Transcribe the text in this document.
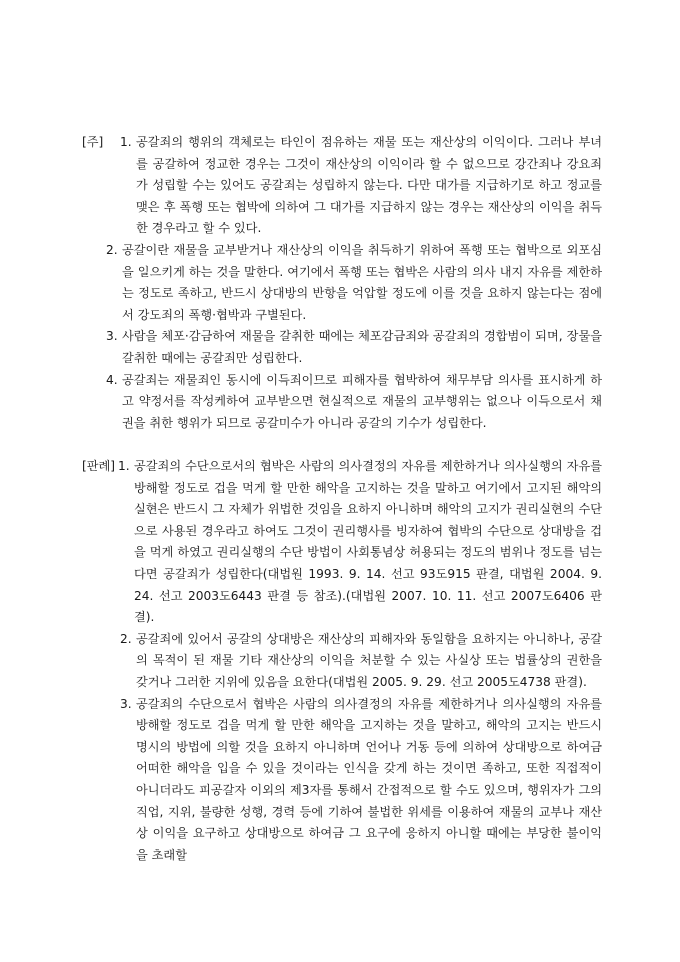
[주]	1. 공갈죄의 행위의 객체로는 타인이 점유하는 재물 또는 재산상의 이익이다. 그러나 부녀를 공갈하여 정교한 경우는 그것이 재산상의 이익이라 할 수 없으므로 강간죄나 강요죄가 성립할 수는 있어도 공갈죄는 성립하지 않는다. 다만 대가를 지급하기로 하고 정교를 맺은 후 폭행 또는 협박에 의하여 그 대가를 지급하지 않는 경우는 재산상의 이익을 취득한 경우라고 할 수 있다.
2. 공갈이란 재물을 교부받거나 재산상의 이익을 취득하기 위하여 폭행 또는 협박으로 외포심을 일으키게 하는 것을 말한다. 여기에서 폭행 또는 협박은 사람의 의사 내지 자유를 제한하는 정도로 족하고, 반드시 상대방의 반항을 억압할 정도에 이를 것을 요하지 않는다는 점에서 강도죄의 폭행·협박과 구별된다.
3. 사람을 체포·감금하여 재물을 갈취한 때에는 체포감금죄와 공갈죄의 경합범이 되며, 장물을 갈취한 때에는 공갈죄만 성립한다.
4. 공갈죄는 재물죄인 동시에 이득죄이므로 피해자를 협박하여 채무부담 의사를 표시하게 하고 약정서를 작성케하여 교부받으면 현실적으로 재물의 교부행위는 없으나 이득으로서 채권을 취한 행위가 되므로 공갈미수가 아니라 공갈의 기수가 성립한다.
[판례] 1. 공갈죄의 수단으로서의 협박은 사람의 의사결정의 자유를 제한하거나 의사실행의 자유를 방해할 정도로 겁을 먹게 할 만한 해악을 고지하는 것을 말하고 여기에서 고지된 해악의 실현은 반드시 그 자체가 위법한 것임을 요하지 아니하며 해악의 고지가 권리실현의 수단으로 사용된 경우라고 하여도 그것이 권리행사를 빙자하여 협박의 수단으로 상대방을 겁을 먹게 하였고 권리실행의 수단 방법이 사회통념상 허용되는 정도의 범위나 정도를 넘는다면 공갈죄가 성립한다(대법원 1993. 9. 14. 선고 93도915 판결, 대법원 2004. 9. 24. 선고 2003도6443 판결 등 참조).(대법원 2007. 10. 11. 선고 2007도6406 판결).
2. 공갈죄에 있어서 공갈의 상대방은 재산상의 피해자와 동일함을 요하지는 아니하나, 공갈의 목적이 된 재물 기타 재산상의 이익을 처분할 수 있는 사실상 또는 법률상의 권한을 갖거나 그러한 지위에 있음을 요한다(대법원 2005. 9. 29. 선고 2005도4738 판결).
3. 공갈죄의 수단으로서 협박은 사람의 의사결정의 자유를 제한하거나 의사실행의 자유를 방해할 정도로 겁을 먹게 할 만한 해악을 고지하는 것을 말하고, 해악의 고지는 반드시 명시의 방법에 의할 것을 요하지 아니하며 언어나 거동 등에 의하여 상대방으로 하여금 어떠한 해악을 입을 수 있을 것이라는 인식을 갖게 하는 것이면 족하고, 또한 직접적이 아니더라도 피공갈자 이외의 제3자를 통해서 간접적으로 할 수도 있으며, 행위자가 그의 직업, 지위, 불량한 성행, 경력 등에 기하여 불법한 위세를 이용하여 재물의 교부나 재산상 이익을 요구하고 상대방으로 하여금 그 요구에 응하지 아니할 때에는 부당한 불이익을 초래할
